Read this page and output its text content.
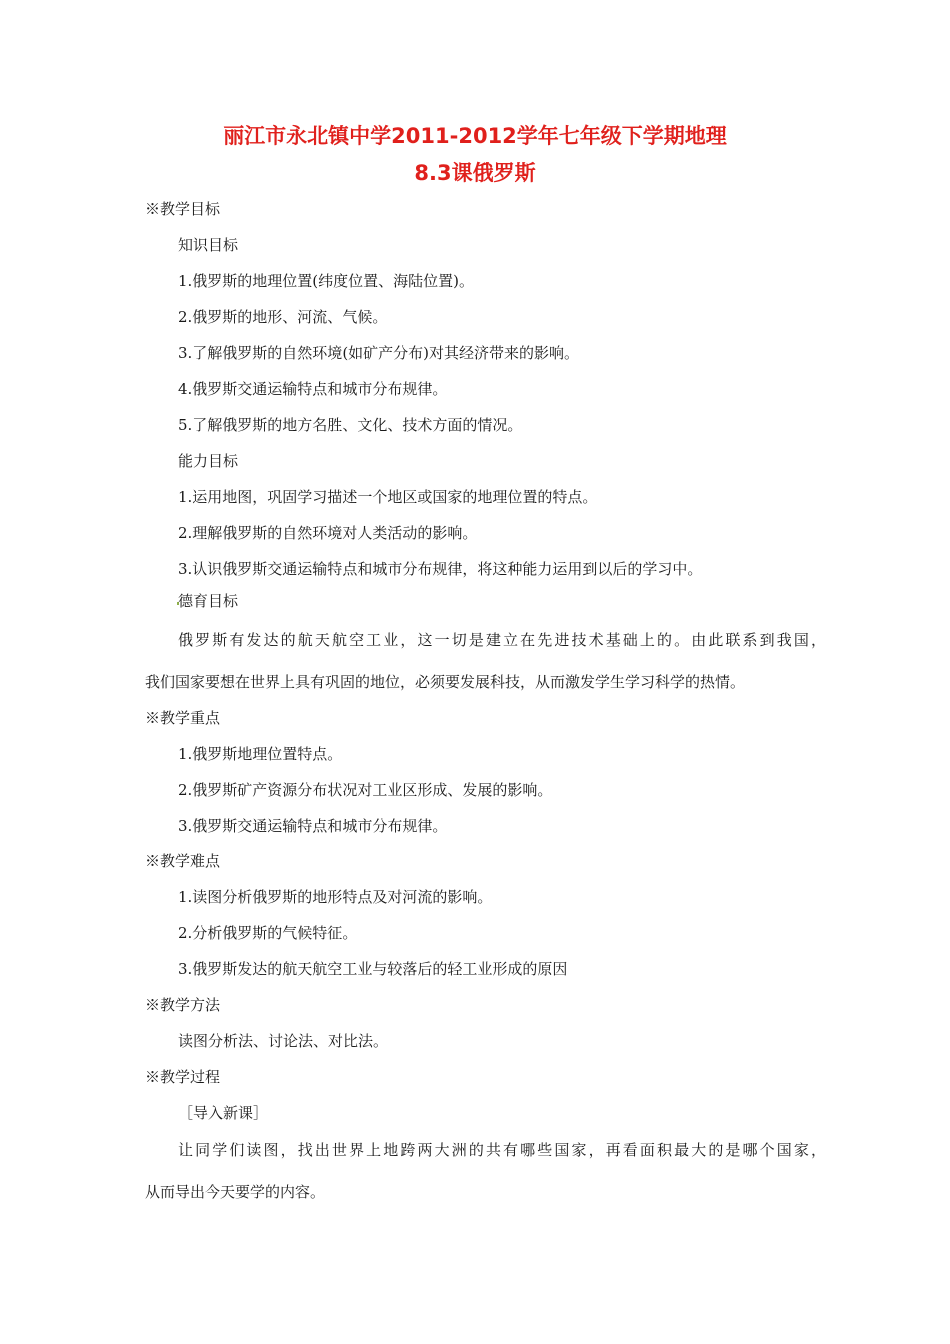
丽江市永北镇中学2011-2012学年七年级下学期地理
8.3课俄罗斯
※教学目标
知识目标
1.俄罗斯的地理位置(纬度位置、海陆位置)。
2.俄罗斯的地形、河流、气候。
3.了解俄罗斯的自然环境(如矿产分布)对其经济带来的影响。
4.俄罗斯交通运输特点和城市分布规律。
5.了解俄罗斯的地方名胜、文化、技术方面的情况。
能力目标
1.运用地图，巩固学习描述一个地区或国家的地理位置的特点。
2.理解俄罗斯的自然环境对人类活动的影响。
3.认识俄罗斯交通运输特点和城市分布规律，将这种能力运用到以后的学习中。
德育目标
俄罗斯有发达的航天航空工业，这一切是建立在先进技术基础上的。由此联系到我国，
我们国家要想在世界上具有巩固的地位，必须要发展科技，从而激发学生学习科学的热情。
※教学重点
1.俄罗斯地理位置特点。
2.俄罗斯矿产资源分布状况对工业区形成、发展的影响。
3.俄罗斯交通运输特点和城市分布规律。
※教学难点
1.读图分析俄罗斯的地形特点及对河流的影响。
2.分析俄罗斯的气候特征。
3.俄罗斯发达的航天航空工业与较落后的轻工业形成的原因
※教学方法
读图分析法、讨论法、对比法。
※教学过程
［导入新课］
让同学们读图，找出世界上地跨两大洲的共有哪些国家，再看面积最大的是哪个国家，
从而导出今天要学的内容。
